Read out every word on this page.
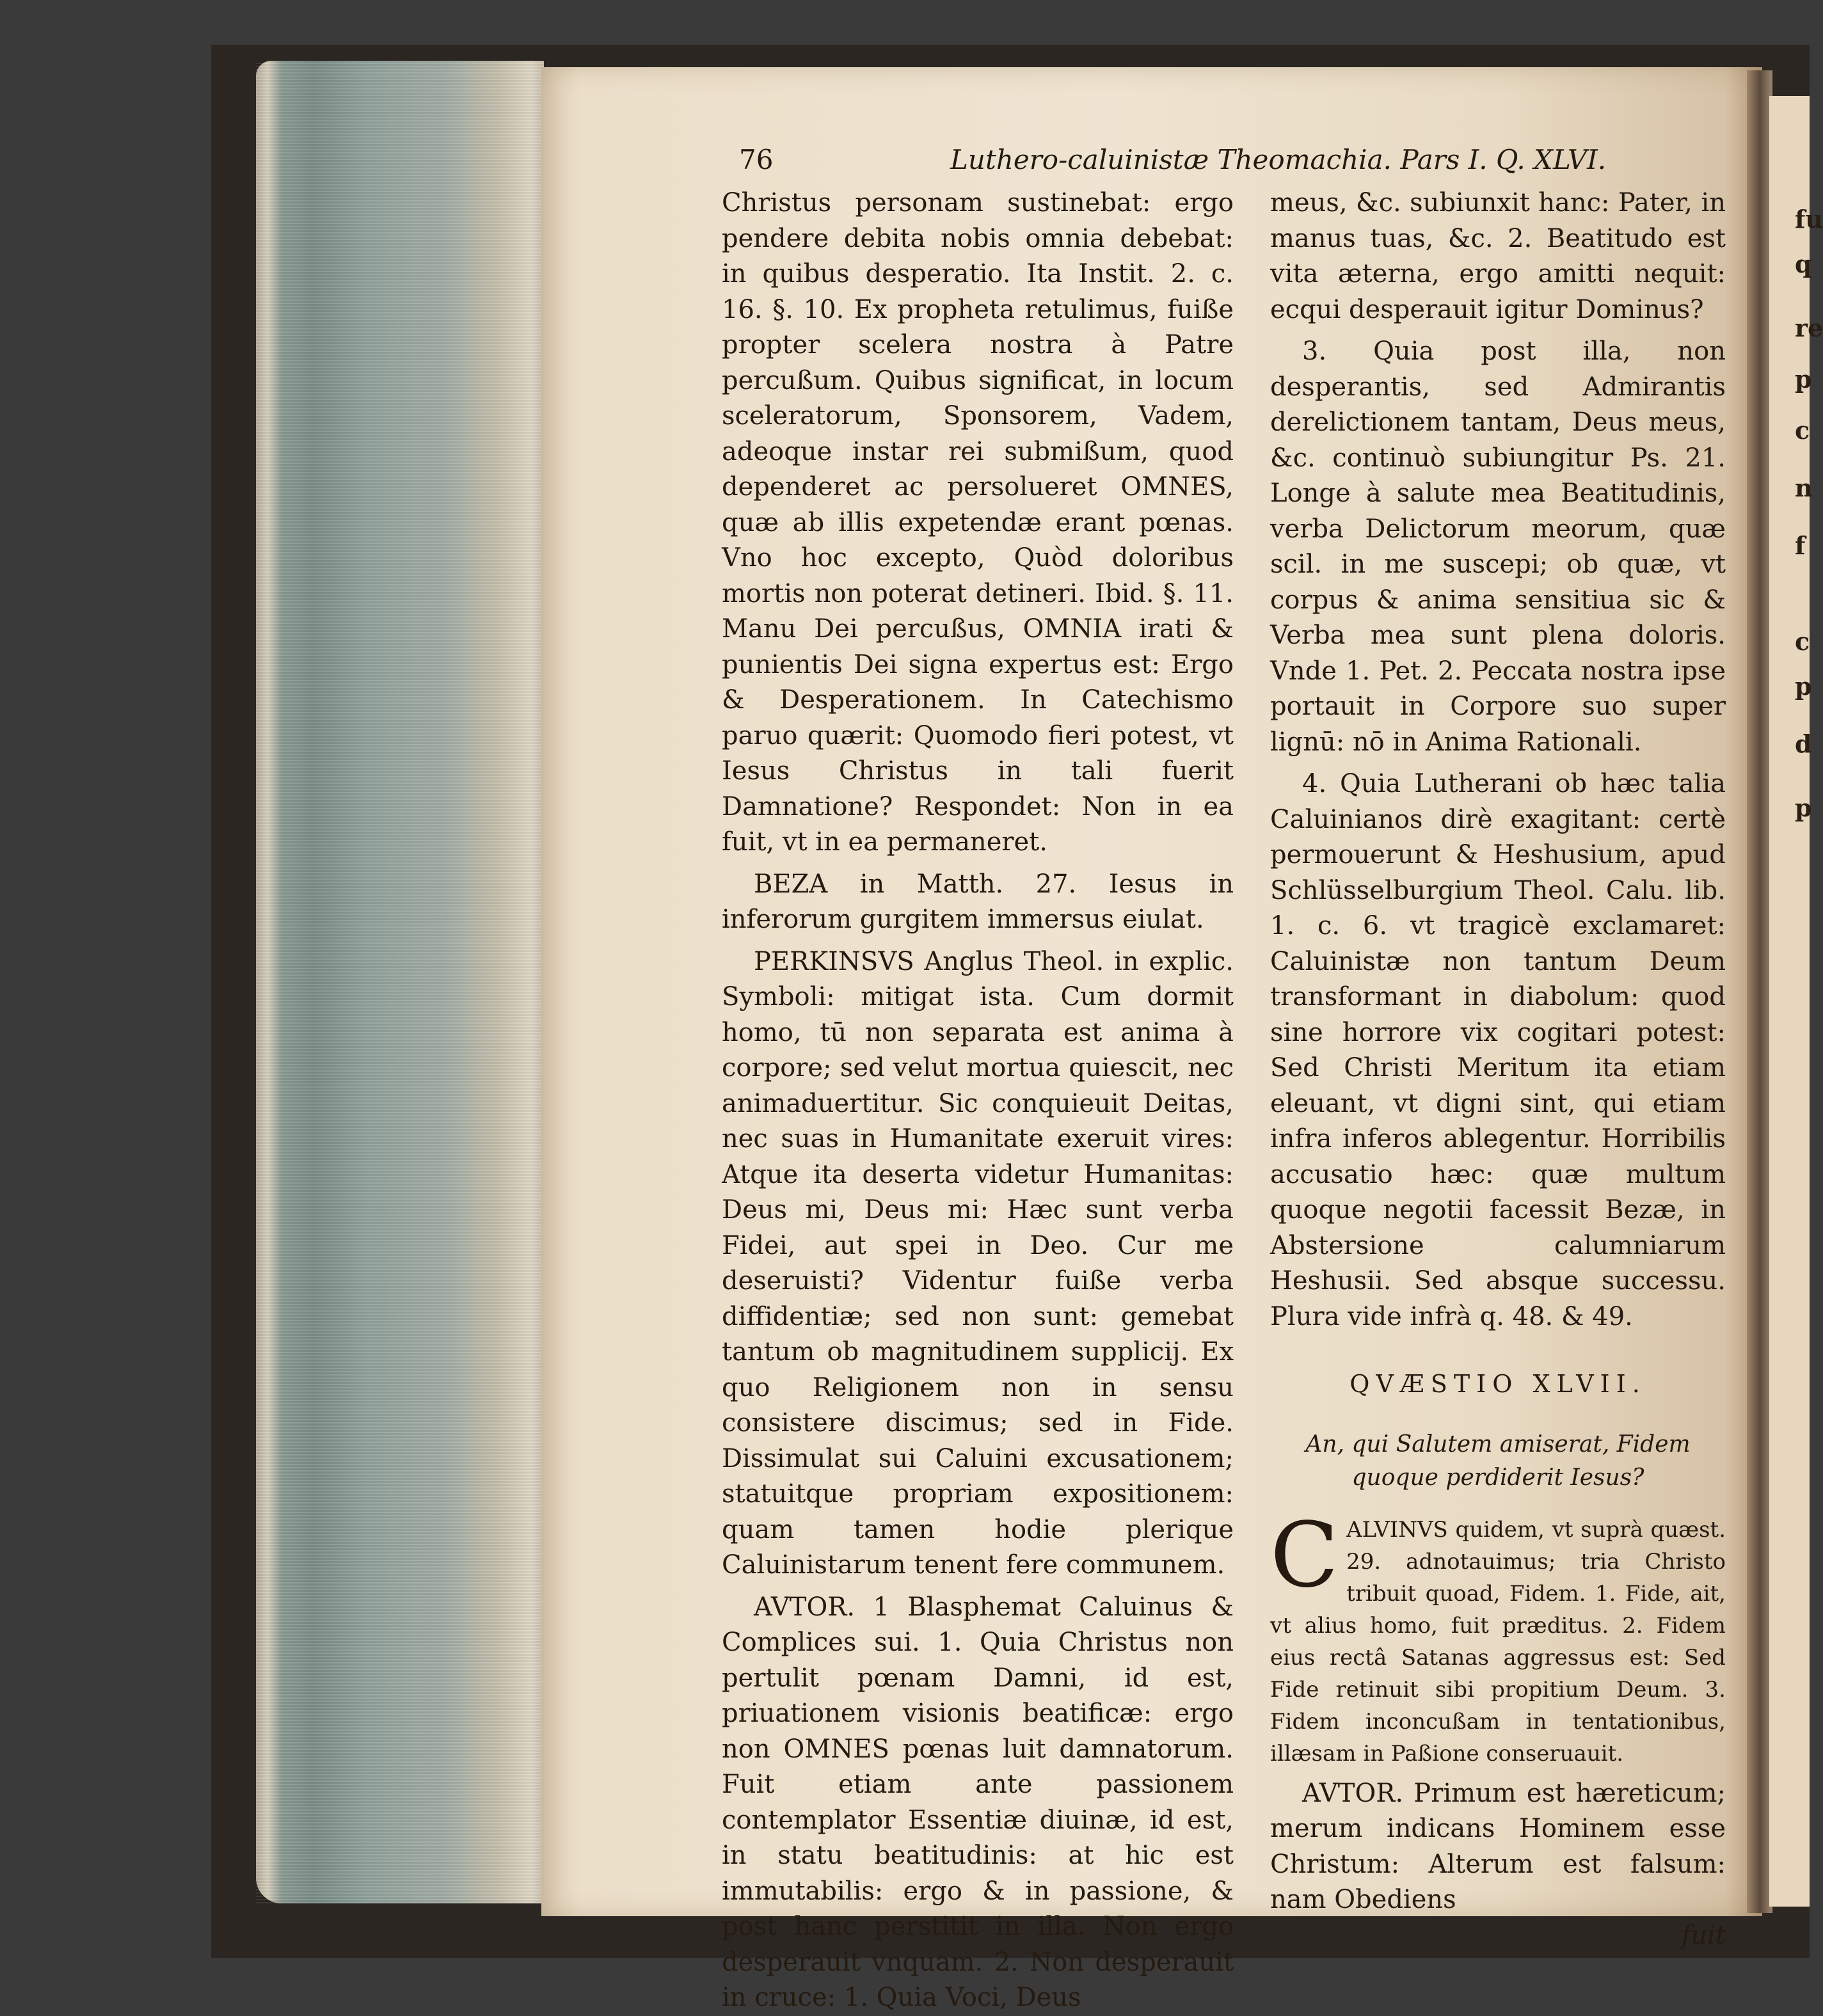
fu
q
re
p
c
n
f
c
p
d
p
76	Luthero-caluinistæ Theomachia. Pars I. Q. XLVI.

Christus personam sustinebat: ergo pendere debita nobis omnia debebat: in quibus desperatio. Ita Instit. 2. c. 16. §. 10. Ex propheta retulimus, fuiße propter scelera nostra à Patre percußum. Quibus significat, in locum sceleratorum, Sponsorem, Vadem, adeoque instar rei submißum, quod dependeret ac persolueret OMNES, quæ ab illis expetendæ erant pœnas. Vno hoc excepto, Quòd doloribus mortis non poterat detineri. Ibid. §. 11. Manu Dei percußus, OMNIA irati & punientis Dei signa expertus est: Ergo & Desperationem. In Catechismo paruo quærit: Quomodo fieri potest, vt Iesus Christus in tali fuerit Damnatione? Respondet: Non in ea fuit, vt in ea permaneret.

BEZA in Matth. 27. Iesus in inferorum gurgitem immersus eiulat.

PERKINSVS Anglus Theol. in explic. Symboli: mitigat ista. Cum dormit homo, tū non separata est anima à corpore; sed velut mortua quiescit, nec animaduertitur. Sic conquieuit Deitas, nec suas in Humanitate exeruit vires: Atque ita deserta videtur Humanitas: Deus mi, Deus mi: Hæc sunt verba Fidei, aut spei in Deo. Cur me deseruisti? Videntur fuiße verba diffidentiæ; sed non sunt: gemebat tantum ob magnitudinem supplicij. Ex quo Religionem non in sensu consistere discimus; sed in Fide. Dissimulat sui Caluini excusationem; statuitque propriam expositionem: quam tamen hodie plerique Caluinistarum tenent fere communem.

AVTOR. 1 Blasphemat Caluinus & Complices sui. 1. Quia Christus non pertulit pœnam Damni, id est, priuationem visionis beatificæ: ergo non OMNES pœnas luit damnatorum. Fuit etiam ante passionem contemplator Essentiæ diuinæ, id est, in statu beatitudinis: at hic est immutabilis: ergo & in passione, & post hanc perstitit in illa. Non ergo desperauit vnquam. 2. Non desperauit in cruce: 1. Quia Voci, Deus

meus, &c. subiunxit hanc: Pater, in manus tuas, &c. 2. Beatitudo est vita æterna, ergo amitti nequit: ecqui desperauit igitur Dominus?

3. Quia post illa, non desperantis, sed Admirantis derelictionem tantam, Deus meus, &c. continuò subiungitur Ps. 21. Longe à salute mea Beatitudinis, verba Delictorum meorum, quæ scil. in me suscepi; ob quæ, vt corpus & anima sensitiua sic & Verba mea sunt plena doloris. Vnde 1. Pet. 2. Peccata nostra ipse portauit in Corpore suo super lignū: nō in Anima Rationali.

4. Quia Lutherani ob hæc talia Caluinianos dirè exagitant: certè permouerunt & Heshusium, apud Schlüsselburgium Theol. Calu. lib. 1. c. 6. vt tragicè exclamaret: Caluinistæ non tantum Deum transformant in diabolum: quod sine horrore vix cogitari potest: Sed Christi Meritum ita etiam eleuant, vt digni sint, qui etiam infra inferos ablegentur. Horribilis accusatio hæc: quæ multum quoque negotii facessit Bezæ, in Abstersione calumniarum Heshusii. Sed absque successu. Plura vide infrà q. 48. & 49.

QVÆSTIO XLVII.

An, qui Salutem amiserat, Fidem quoque perdiderit Iesus?

CALVINVS quidem, vt suprà quæst. 29. adnotauimus; tria Christo tribuit quoad, Fidem. 1. Fide, ait, vt alius homo, fuit præditus. 2. Fidem eius rectâ Satanas aggressus est: Sed Fide retinuit sibi propitium Deum. 3. Fidem inconcußam in tentationibus, illæsam in Paßione conseruauit.

AVTOR. Primum est hæreticum; merum indicans Hominem esse Christum: Alterum est falsum: nam Obediens

fuit
